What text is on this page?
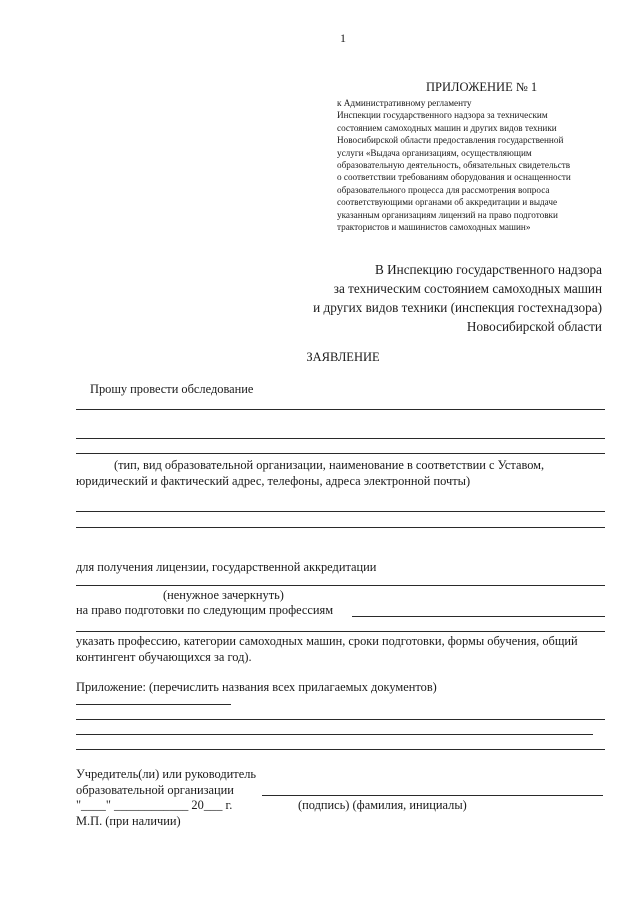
1
ПРИЛОЖЕНИЕ № 1
к Административному регламенту
Инспекции государственного надзора за техническим
состоянием самоходных машин и других видов техники
Новосибирской области предоставления государственной
услуги «Выдача организациям, осуществляющим
образовательную деятельность, обязательных свидетельств
о соответствии требованиям оборудования и оснащенности
образовательного процесса для рассмотрения вопроса
соответствующими органами об аккредитации и выдаче
указанным организациям лицензий на право подготовки
трактористов и машинистов самоходных машин»
В Инспекцию государственного надзора
за техническим состоянием самоходных машин
и других видов техники (инспекция гостехнадзора)
Новосибирской области
ЗАЯВЛЕНИЕ
Прошу провести обследование
(тип, вид образовательной организации, наименование в соответствии с Уставом,
юридический и фактический адрес, телефоны, адреса электронной почты)
для получения лицензии, государственной аккредитации
(ненужное зачеркнуть)
на право подготовки по следующим профессиям
указать профессию, категории самоходных машин, сроки подготовки, формы обучения, общий
контингент обучающихся за год).
Приложение: (перечислить названия всех прилагаемых документов)
Учредитель(ли) или руководитель
образовательной организации
"____" ____________ 20___ г.	(подпись) (фамилия, инициалы)
М.П. (при наличии)
